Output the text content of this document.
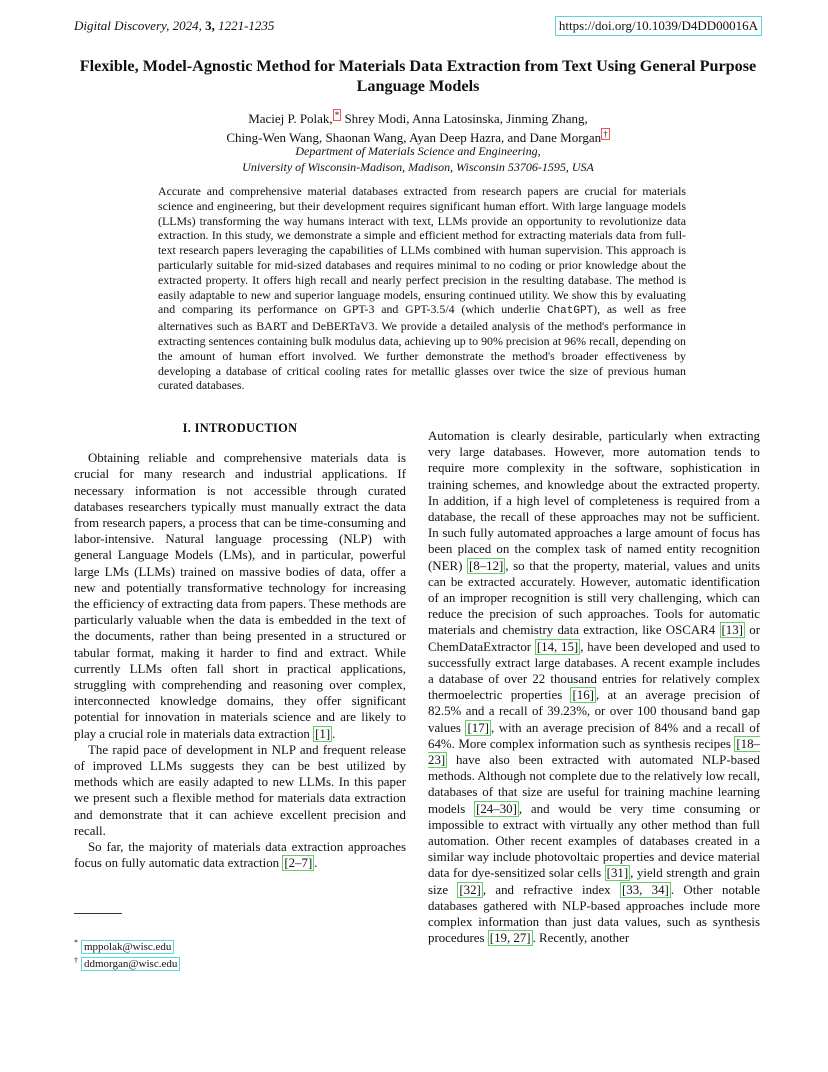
Digital Discovery, 2024, 3, 1221-1235	https://doi.org/10.1039/D4DD00016A
Flexible, Model-Agnostic Method for Materials Data Extraction from Text Using General Purpose Language Models
Maciej P. Polak, * Shrey Modi, Anna Latosinska, Jinming Zhang,
Ching-Wen Wang, Shaonan Wang, Ayan Deep Hazra, and Dane Morgan †
Department of Materials Science and Engineering,
University of Wisconsin-Madison, Madison, Wisconsin 53706-1595, USA

Accurate and comprehensive material databases extracted from research papers are crucial for materials science and engineering, but their development requires significant human effort. With large language models (LLMs) transforming the way humans interact with text, LLMs provide an opportunity to revolutionize data extraction. In this study, we demonstrate a simple and efficient method for extracting materials data from full-text research papers leveraging the capabilities of LLMs combined with human supervision. This approach is particularly suitable for mid-sized databases and requires minimal to no coding or prior knowledge about the extracted property. It offers high recall and nearly perfect precision in the resulting database. The method is easily adaptable to new and superior language models, ensuring continued utility. We show this by evaluating and comparing its performance on GPT-3 and GPT-3.5/4 (which underlie ChatGPT), as well as free alternatives such as BART and DeBERTaV3. We provide a detailed analysis of the method's performance in extracting sentences containing bulk modulus data, achieving up to 90% precision at 96% recall, depending on the amount of human effort involved. We further demonstrate the method's broader effectiveness by developing a database of critical cooling rates for metallic glasses over twice the size of previous human curated databases.

I. INTRODUCTION

Obtaining reliable and comprehensive materials data is crucial for many research and industrial applications. If necessary information is not accessible through curated databases researchers typically must manually extract the data from research papers, a process that can be time-consuming and labor-intensive. Natural language processing (NLP) with general Language Models (LMs), and in particular, powerful large LMs (LLMs) trained on massive bodies of data, offer a new and potentially transformative technology for increasing the efficiency of extracting data from papers. These methods are particularly valuable when the data is embedded in the text of the documents, rather than being presented in a structured or tabular format, making it harder to find and extract. While currently LLMs often fall short in practical applications, struggling with comprehending and reasoning over complex, interconnected knowledge domains, they offer significant potential for innovation in materials science and are likely to play a crucial role in materials data extraction [1] .

The rapid pace of development in NLP and frequent release of improved LLMs suggests they can be best utilized by methods which are easily adapted to new LLMs. In this paper we present such a flexible method for materials data extraction and demonstrate that it can achieve excellent precision and recall.

So far, the majority of materials data extraction approaches focus on fully automatic data extraction [2–7] .

Automation is clearly desirable, particularly when extracting very large databases. However, more automation tends to require more complexity in the software, sophistication in training schemes, and knowledge about the extracted property. In addition, if a high level of completeness is required from a database, the recall of these approaches may not be sufficient. In such fully automated approaches a large amount of focus has been placed on the complex task of named entity recognition (NER) [8–12] , so that the property, material, values and units can be extracted accurately. However, automatic identification of an improper recognition is still very challenging, which can reduce the precision of such approaches. Tools for automatic materials and chemistry data extraction, like OSCAR4 [13] or ChemDataExtractor [14, 15] , have been developed and used to successfully extract large databases. A recent example includes a database of over 22 thousand entries for relatively complex thermoelectric properties [16] , at an average precision of 82.5% and a recall of 39.23%, or over 100 thousand band gap values [17] , with an average precision of 84% and a recall of 64%. More complex information such as synthesis recipes [18–23] have also been extracted with automated NLP-based methods. Although not complete due to the relatively low recall, databases of that size are useful for training machine learning models [24–30] , and would be very time consuming or impossible to extract with virtually any other method than full automation. Other recent examples of databases created in a similar way include photovoltaic properties and device material data for dye-sensitized solar cells [31] , yield strength and grain size [32] , and refractive index [33, 34] . Other notable databases gathered with NLP-based approaches include more complex information than just data values, such as synthesis procedures [19, 27] . Recently, another

* mppolak@wisc.edu
† ddmorgan@wisc.edu
